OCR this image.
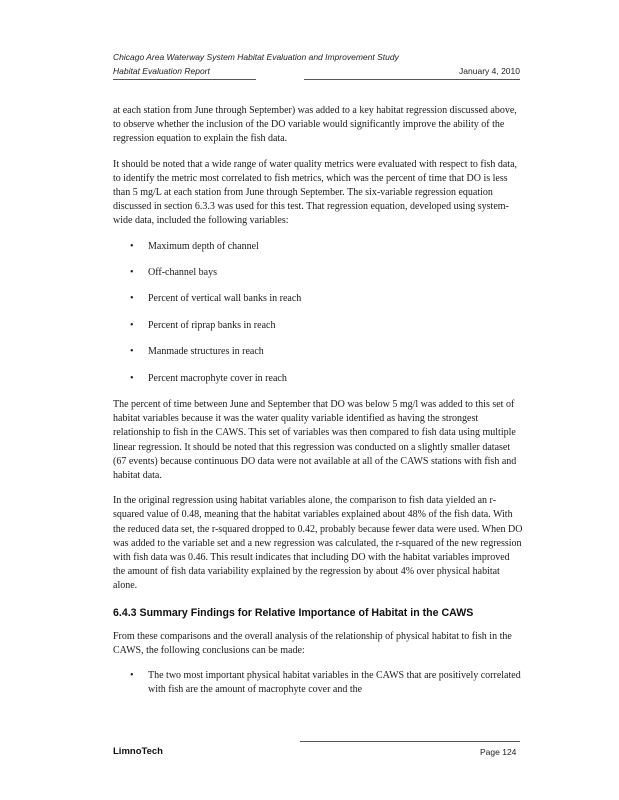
Chicago Area Waterway System Habitat Evaluation and Improvement Study
Habitat Evaluation Report	January 4, 2010

at each station from June through September) was added to a key habitat regression discussed above, to observe whether the inclusion of the DO variable would significantly improve the ability of the regression equation to explain the fish data.

It should be noted that a wide range of water quality metrics were evaluated with respect to fish data, to identify the metric most correlated to fish metrics, which was the percent of time that DO is less than 5 mg/L at each station from June through September. The six-variable regression equation discussed in section 6.3.3 was used for this test. That regression equation, developed using system-wide data, included the following variables:

• Maximum depth of channel
• Off-channel bays
• Percent of vertical wall banks in reach
• Percent of riprap banks in reach
• Manmade structures in reach
• Percent macrophyte cover in reach

The percent of time between June and September that DO was below 5 mg/l was added to this set of habitat variables because it was the water quality variable identified as having the strongest relationship to fish in the CAWS. This set of variables was then compared to fish data using multiple linear regression. It should be noted that this regression was conducted on a slightly smaller dataset (67 events) because continuous DO data were not available at all of the CAWS stations with fish and habitat data.

In the original regression using habitat variables alone, the comparison to fish data yielded an r-squared value of 0.48, meaning that the habitat variables explained about 48% of the fish data. With the reduced data set, the r-squared dropped to 0.42, probably because fewer data were used. When DO was added to the variable set and a new regression was calculated, the r-squared of the new regression with fish data was 0.46. This result indicates that including DO with the habitat variables improved the amount of fish data variability explained by the regression by about 4% over physical habitat alone.

6.4.3 Summary Findings for Relative Importance of Habitat in the CAWS

From these comparisons and the overall analysis of the relationship of physical habitat to fish in the CAWS, the following conclusions can be made:

• The two most important physical habitat variables in the CAWS that are positively correlated with fish are the amount of macrophyte cover and the
LimnoTech	Page 124
